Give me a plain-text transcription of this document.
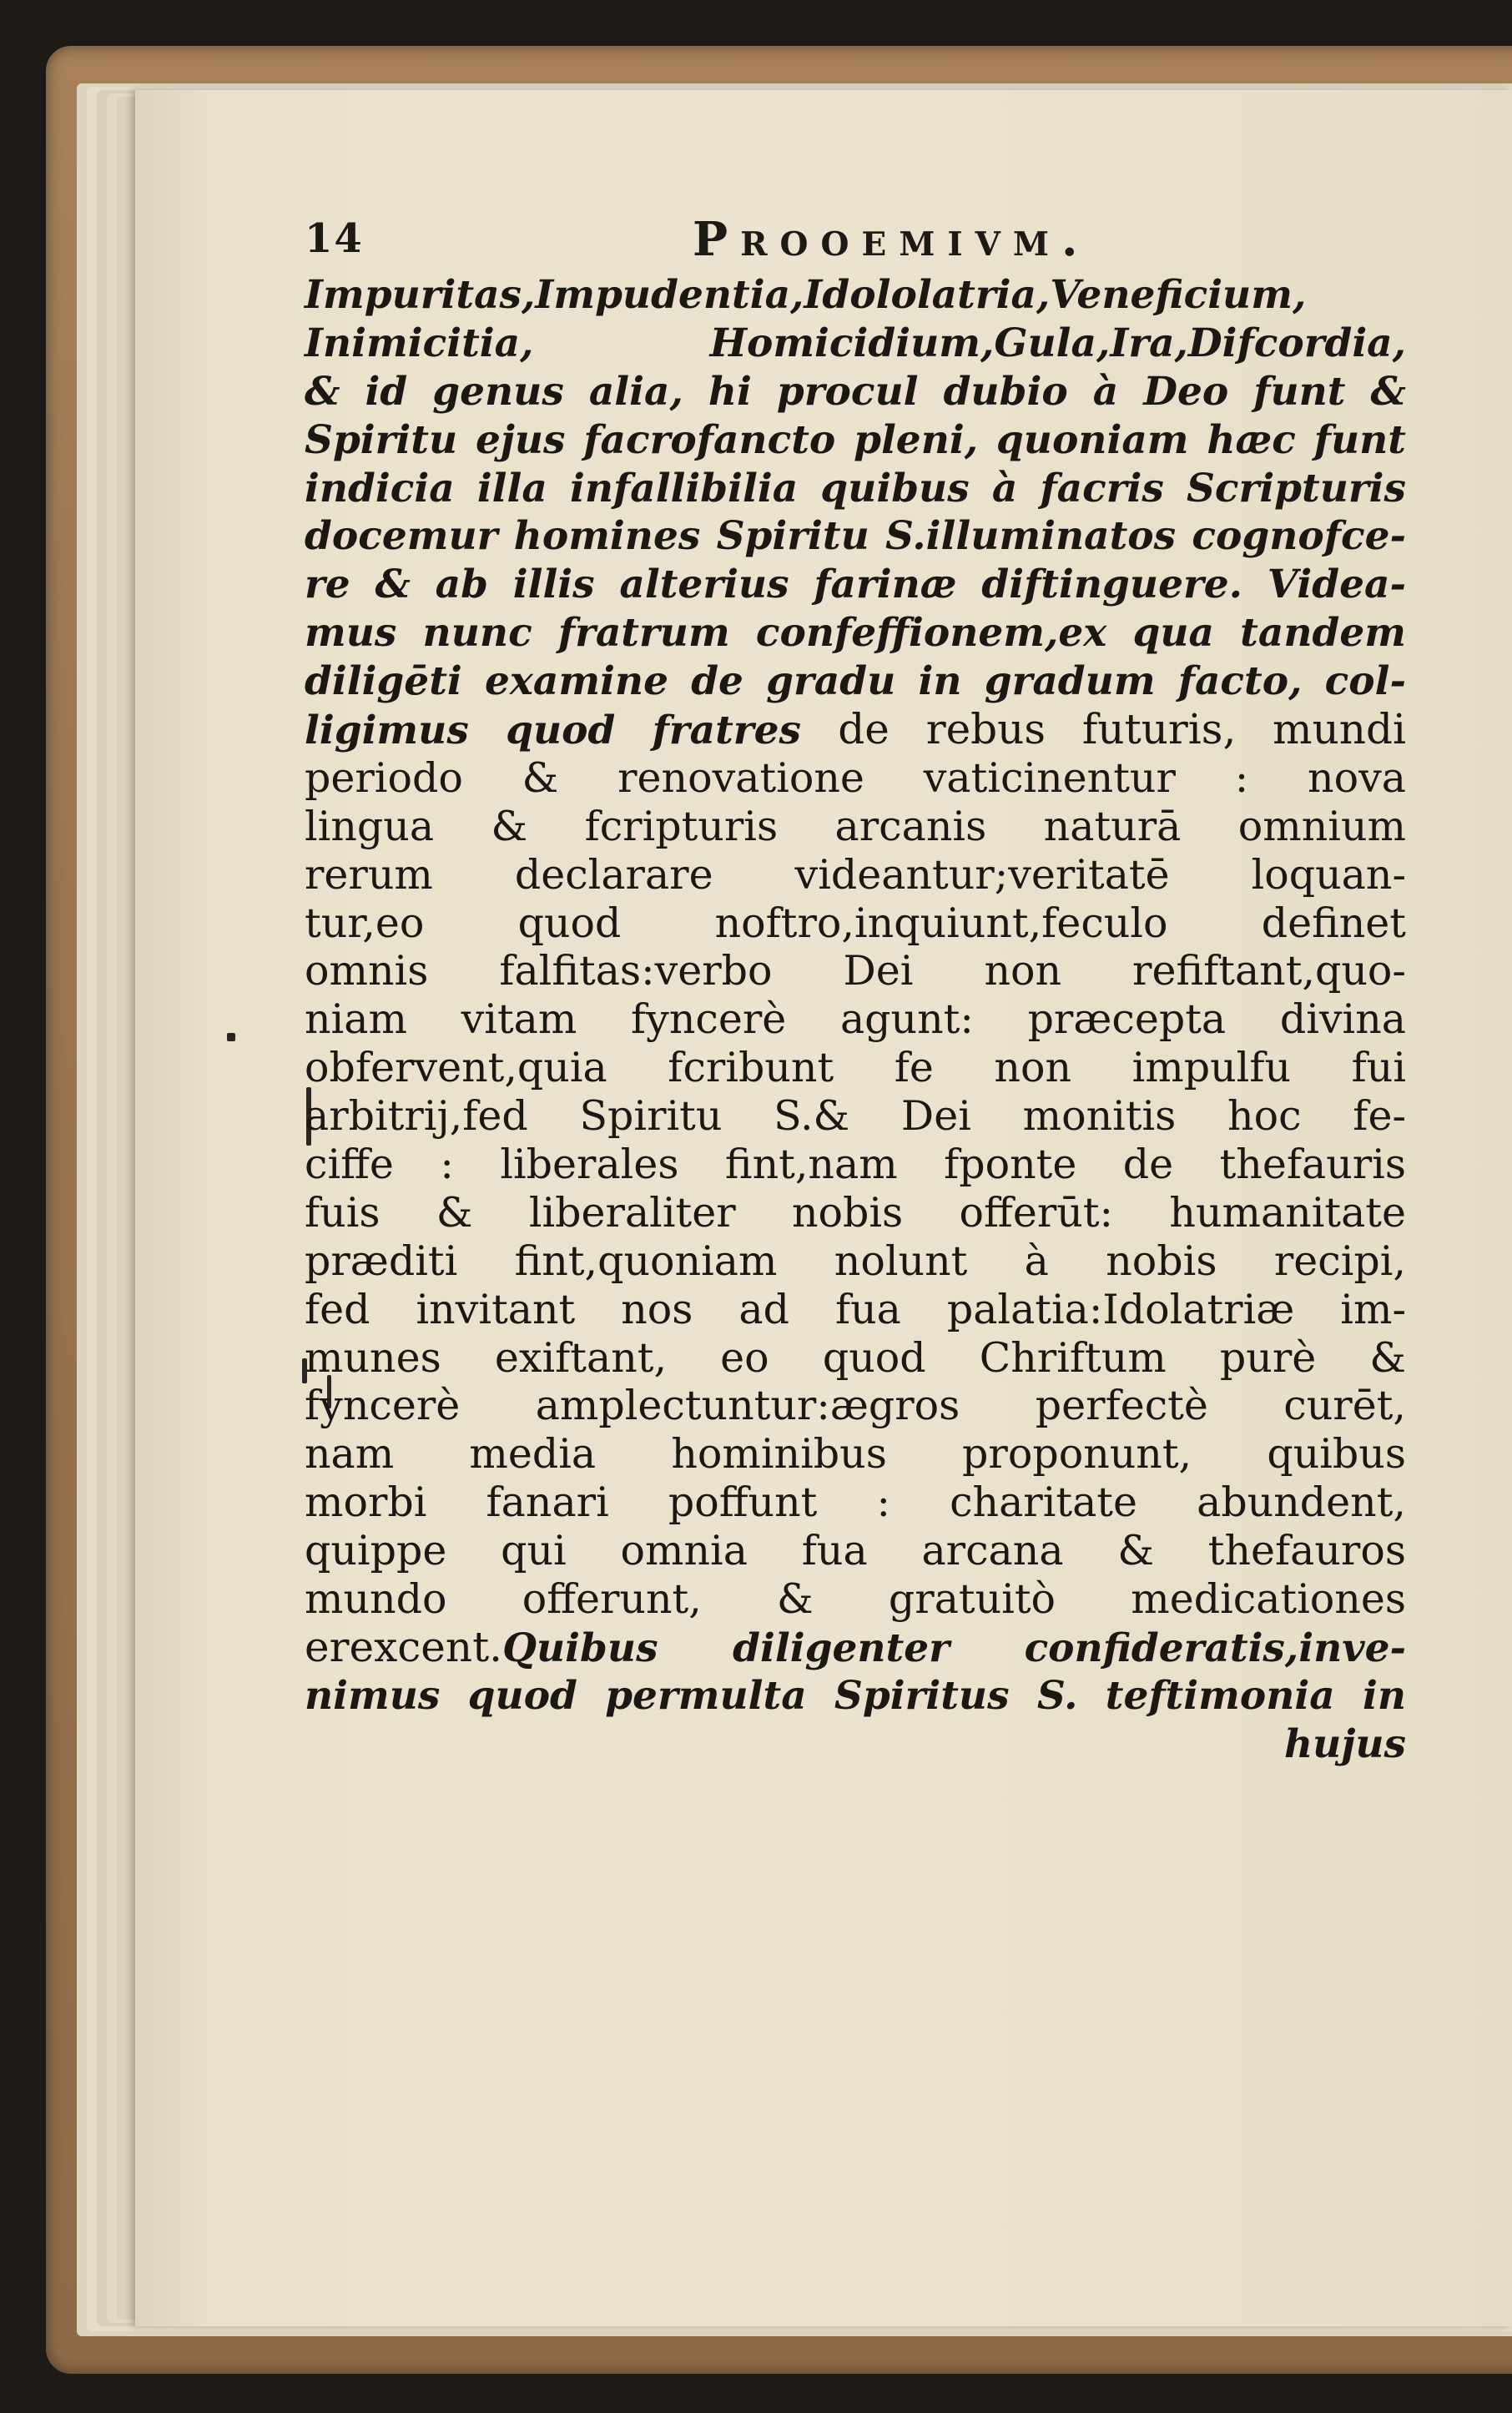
14	Prooemivm.
Impuritas,Impudentia,Idololatria,Veneficium,
Inimicitia, Homicidium,Gula,Ira,Difcordia,
& id genus alia, hi procul dubio à Deo funt &
Spiritu ejus facrofancto pleni, quoniam hæc funt
indicia illa infallibilia quibus à facris Scripturis
docemur homines Spiritu S.illuminatos cognofce-
re & ab illis alterius farinæ diftinguere. Videa-
mus nunc fratrum confeffionem,ex qua tandem
diligēti examine de gradu in gradum facto, col-
ligimus quod fratres de rebus futuris, mundi
periodo & renovatione vaticinentur : nova
lingua & fcripturis arcanis naturā omnium
rerum declarare videantur;veritatē loquan-
tur,eo quod noftro,inquiunt,feculo definet
omnis falfitas:verbo Dei non refiftant,quo-
niam vitam fyncerè agunt: præcepta divina
obfervent,quia fcribunt fe non impulfu fui
arbitrij,fed Spiritu S.& Dei monitis hoc fe-
ciffe : liberales fint,nam fponte de thefauris
fuis & liberaliter nobis offerūt: humanitate
præditi fint,quoniam nolunt à nobis recipi,
fed invitant nos ad fua palatia:Idolatriæ im-
munes exiftant, eo quod Chriftum purè &
fyncerè amplectuntur:ægros perfectè curēt,
nam media hominibus proponunt, quibus
morbi fanari poffunt : charitate abundent,
quippe qui omnia fua arcana & thefauros
mundo offerunt, & gratuitò medicationes
erexcent.Quibus diligenter confideratis,inve-
nimus quod permulta Spiritus S. teftimonia in
hujus
